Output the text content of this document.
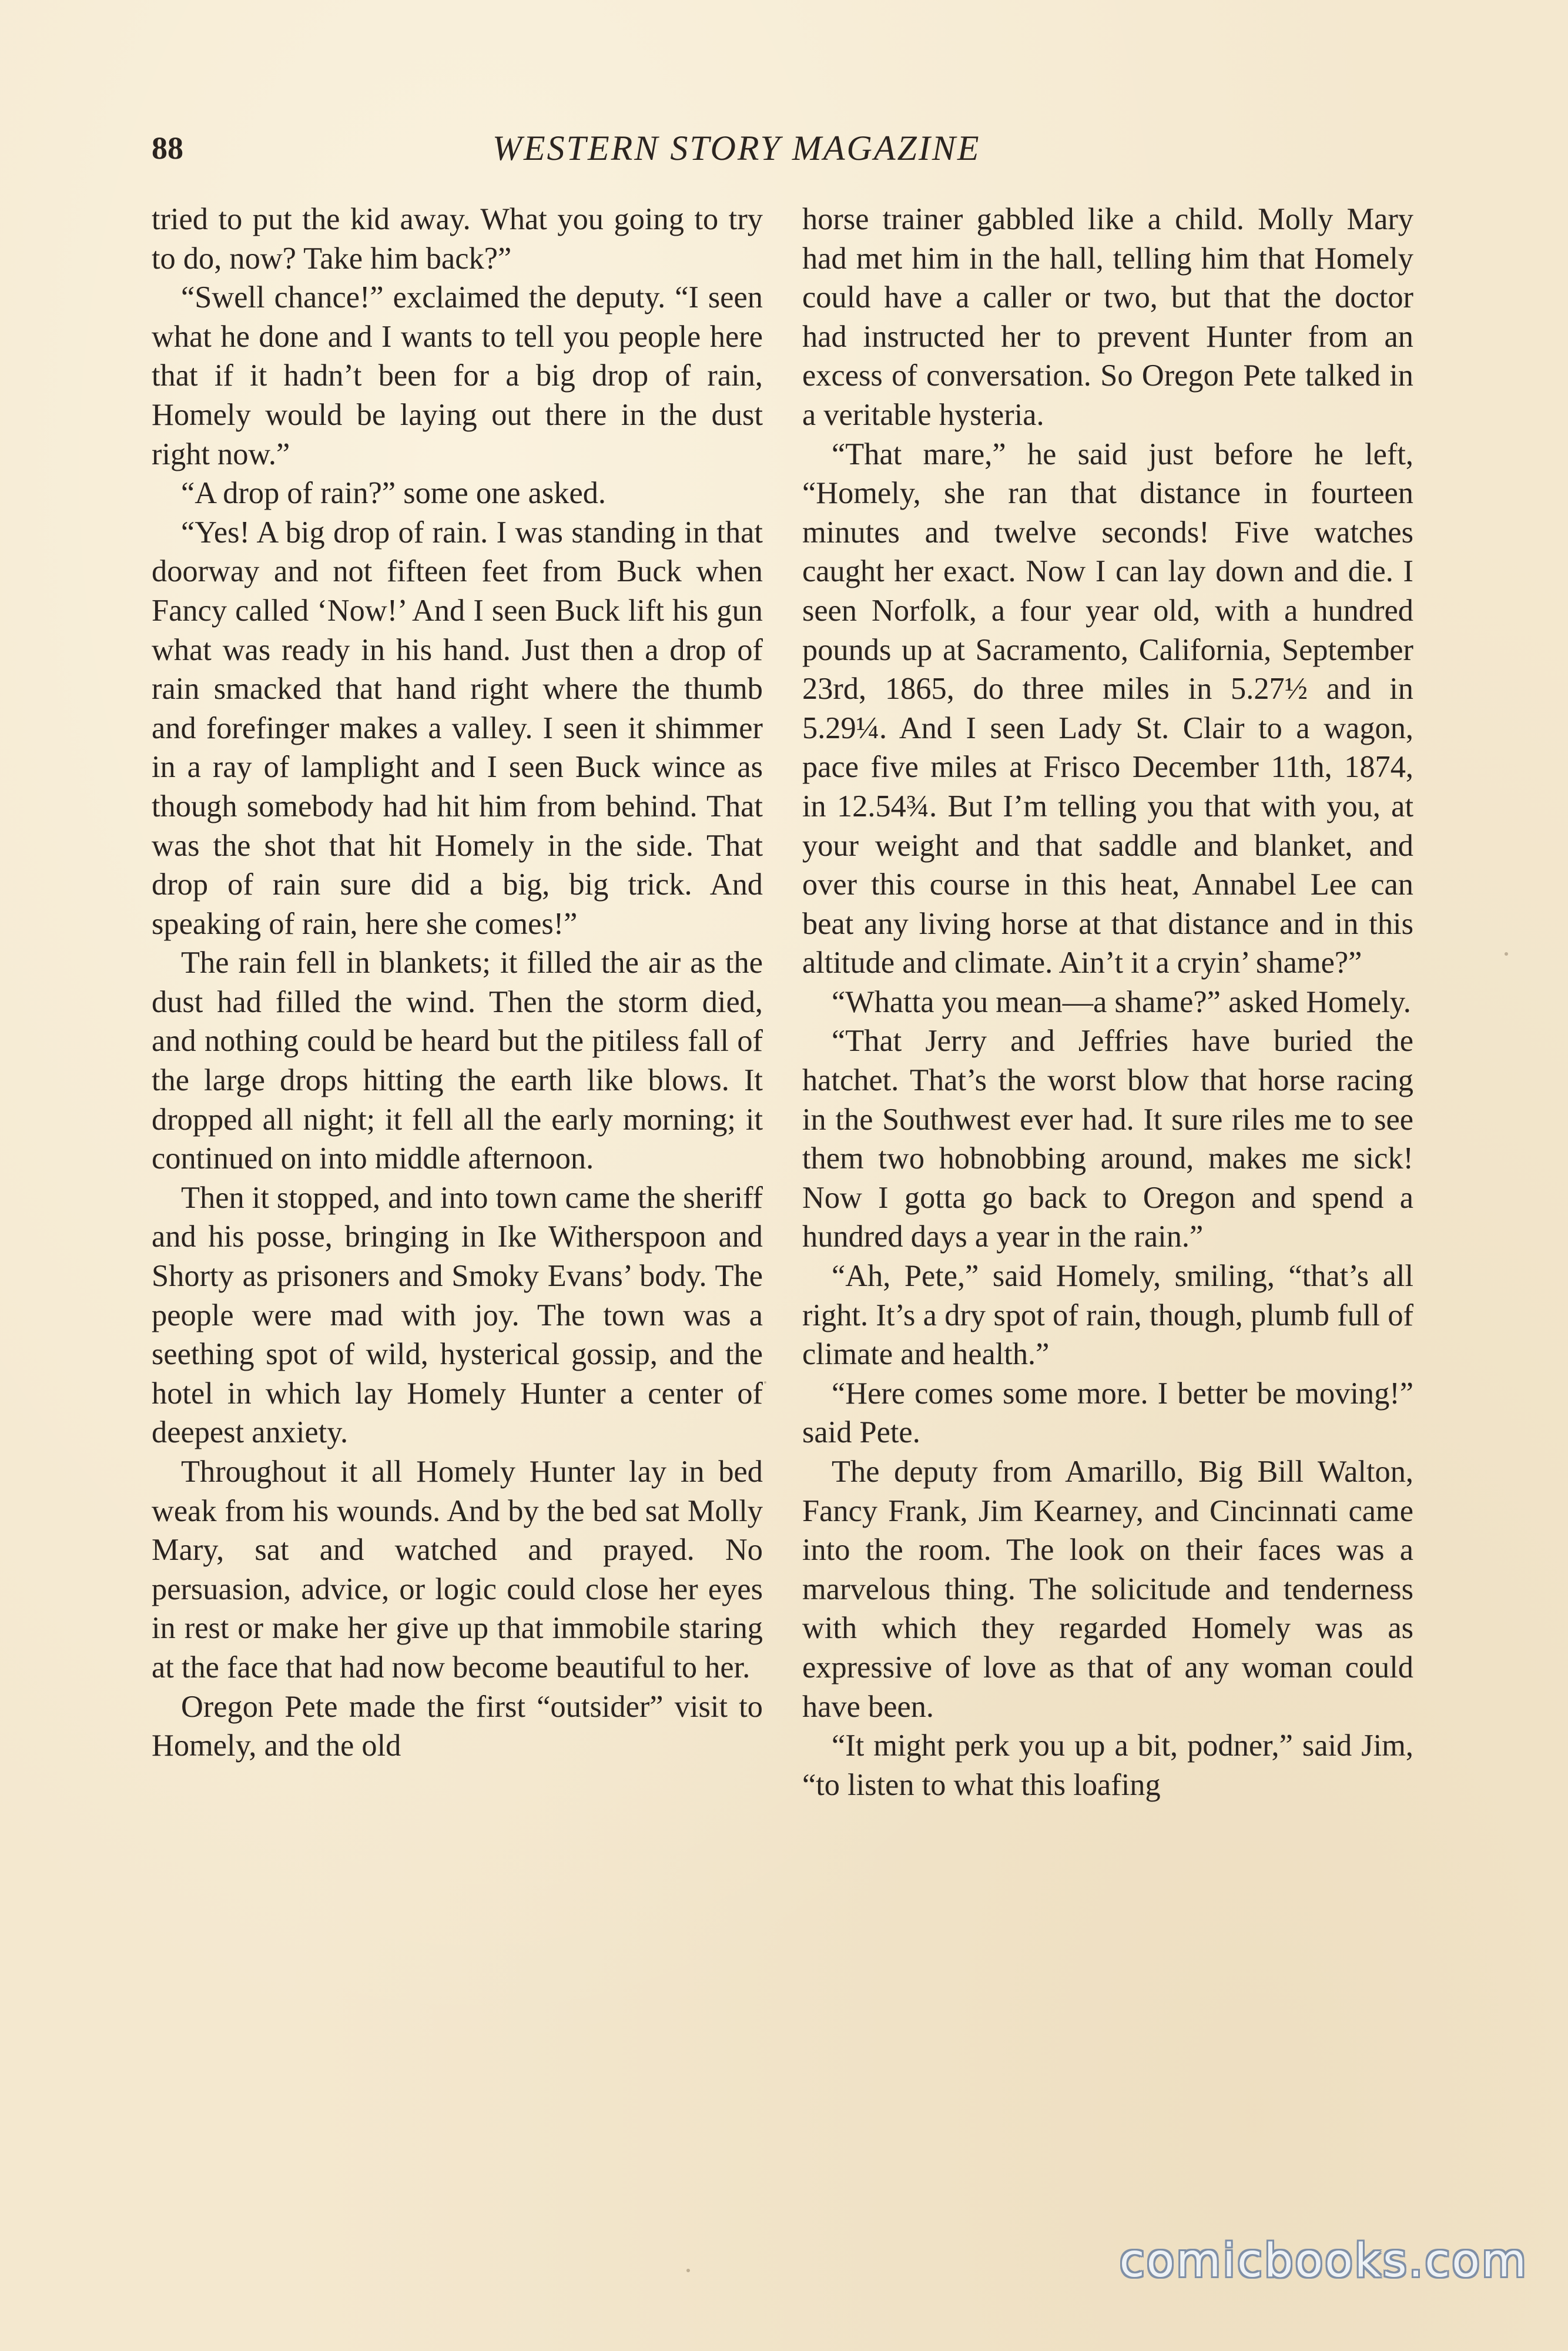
88	WESTERN STORY MAGAZINE

tried to put the kid away. What you going to try to do, now? Take him back?”

“Swell chance!” exclaimed the deputy. “I seen what he done and I wants to tell you people here that if it hadn’t been for a big drop of rain, Homely would be laying out there in the dust right now.”

“A drop of rain?” some one asked.

“Yes! A big drop of rain. I was standing in that doorway and not fifteen feet from Buck when Fancy called ‘Now!’ And I seen Buck lift his gun what was ready in his hand. Just then a drop of rain smacked that hand right where the thumb and forefinger makes a valley. I seen it shimmer in a ray of lamplight and I seen Buck wince as though somebody had hit him from behind. That was the shot that hit Homely in the side. That drop of rain sure did a big, big trick. And speaking of rain, here she comes!”

The rain fell in blankets; it filled the air as the dust had filled the wind. Then the storm died, and nothing could be heard but the pitiless fall of the large drops hitting the earth like blows. It dropped all night; it fell all the early morning; it continued on into middle afternoon.

Then it stopped, and into town came the sheriff and his posse, bringing in Ike Witherspoon and Shorty as prisoners and Smoky Evans’ body. The people were mad with joy. The town was a seething spot of wild, hysterical gossip, and the hotel in which lay Homely Hunter a center of deepest anxiety.

Throughout it all Homely Hunter lay in bed weak from his wounds. And by the bed sat Molly Mary, sat and watched and prayed. No persuasion, advice, or logic could close her eyes in rest or make her give up that immobile staring at the face that had now become beautiful to her.

Oregon Pete made the first “outsider” visit to Homely, and the old

horse trainer gabbled like a child. Molly Mary had met him in the hall, telling him that Homely could have a caller or two, but that the doctor had instructed her to prevent Hunter from an excess of conversation. So Oregon Pete talked in a veritable hysteria.

“That mare,” he said just before he left, “Homely, she ran that distance in fourteen minutes and twelve seconds! Five watches caught her exact. Now I can lay down and die. I seen Norfolk, a four year old, with a hundred pounds up at Sacramento, California, September 23rd, 1865, do three miles in 5.27½ and in 5.29¼. And I seen Lady St. Clair to a wagon, pace five miles at Frisco December 11th, 1874, in 12.54¾. But I’m telling you that with you, at your weight and that saddle and blanket, and over this course in this heat, Annabel Lee can beat any living horse at that distance and in this altitude and climate. Ain’t it a cryin’ shame?”

“Whatta you mean—a shame?” asked Homely.

“That Jerry and Jeffries have buried the hatchet. That’s the worst blow that horse racing in the Southwest ever had. It sure riles me to see them two hobnobbing around, makes me sick! Now I gotta go back to Oregon and spend a hundred days a year in the rain.”

“Ah, Pete,” said Homely, smiling, “that’s all right. It’s a dry spot of rain, though, plumb full of climate and health.”

“Here comes some more. I better be moving!” said Pete.

The deputy from Amarillo, Big Bill Walton, Fancy Frank, Jim Kearney, and Cincinnati came into the room. The look on their faces was a marvelous thing. The solicitude and tenderness with which they regarded Homely was as expressive of love as that of any woman could have been.

“It might perk you up a bit, podner,” said Jim, “to listen to what this loafing

comicbooks.com
